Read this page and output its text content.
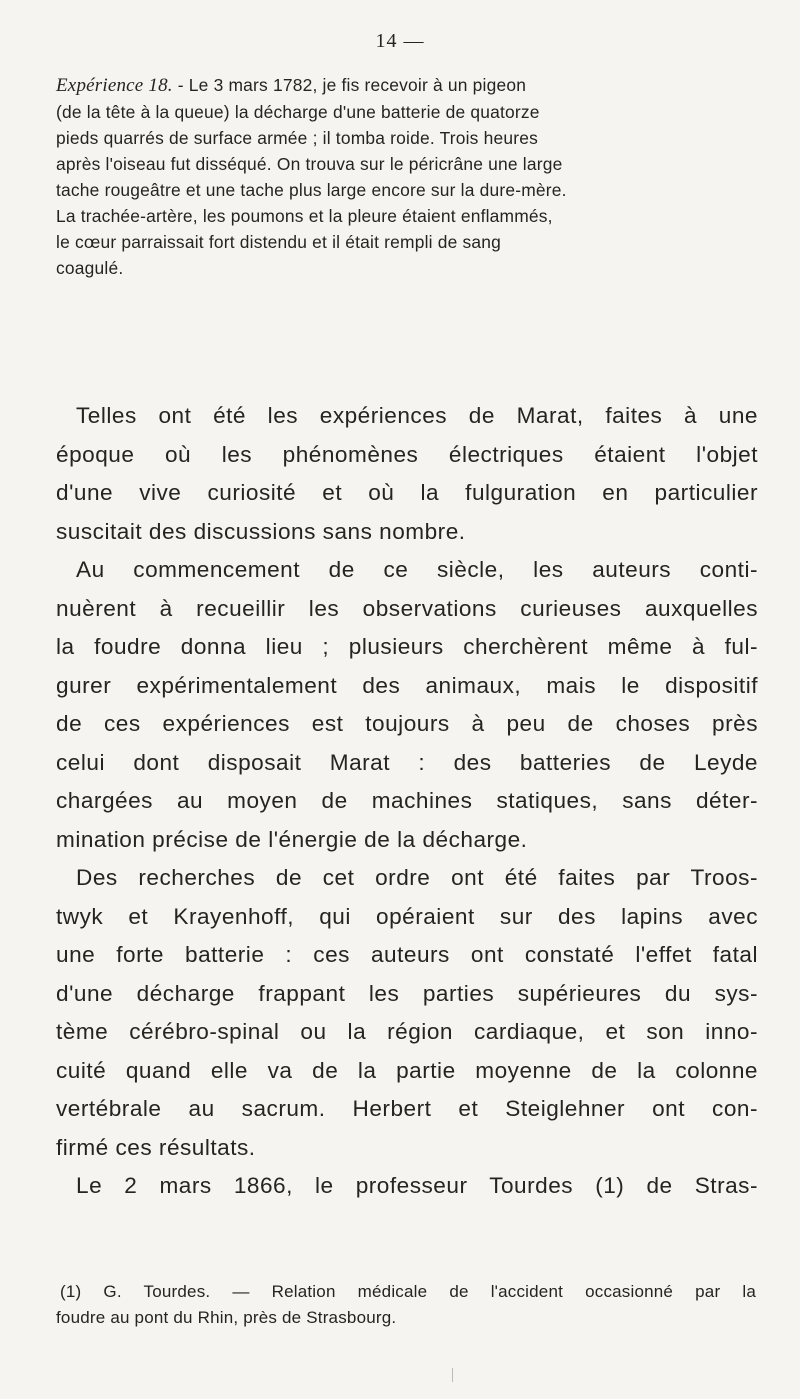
14 —
Expérience 18. - Le 3 mars 1782, je fis recevoir à un pigeon
(de la tête à la queue) la décharge d'une batterie de quatorze
pieds quarrés de surface armée ; il tomba roide. Trois heures
après l'oiseau fut disséqué. On trouva sur le péricrâne une large
tache rougeâtre et une tache plus large encore sur la dure-mère.
La trachée-artère, les poumons et la pleure étaient enflammés,
le cœur parraissait fort distendu et il était rempli de sang
coagulé.
Telles ont été les expériences de Marat, faites à une
époque où les phénomènes électriques étaient l'objet
d'une vive curiosité et où la fulguration en particulier
suscitait des discussions sans nombre.
Au commencement de ce siècle, les auteurs conti-
nuèrent à recueillir les observations curieuses auxquelles
la foudre donna lieu ; plusieurs cherchèrent même à ful-
gurer expérimentalement des animaux, mais le dispositif
de ces expériences est toujours à peu de choses près
celui dont disposait Marat : des batteries de Leyde
chargées au moyen de machines statiques, sans déter-
mination précise de l'énergie de la décharge.
Des recherches de cet ordre ont été faites par Troos-
twyk et Krayenhoff, qui opéraient sur des lapins avec
une forte batterie : ces auteurs ont constaté l'effet fatal
d'une décharge frappant les parties supérieures du sys-
tème cérébro-spinal ou la région cardiaque, et son inno-
cuité quand elle va de la partie moyenne de la colonne
vertébrale au sacrum. Herbert et Steiglehner ont con-
firmé ces résultats.
Le 2 mars 1866, le professeur Tourdes (1) de Stras-
(1) G. Tourdes. — Relation médicale de l'accident occasionné par la
foudre au pont du Rhin, près de Strasbourg.
